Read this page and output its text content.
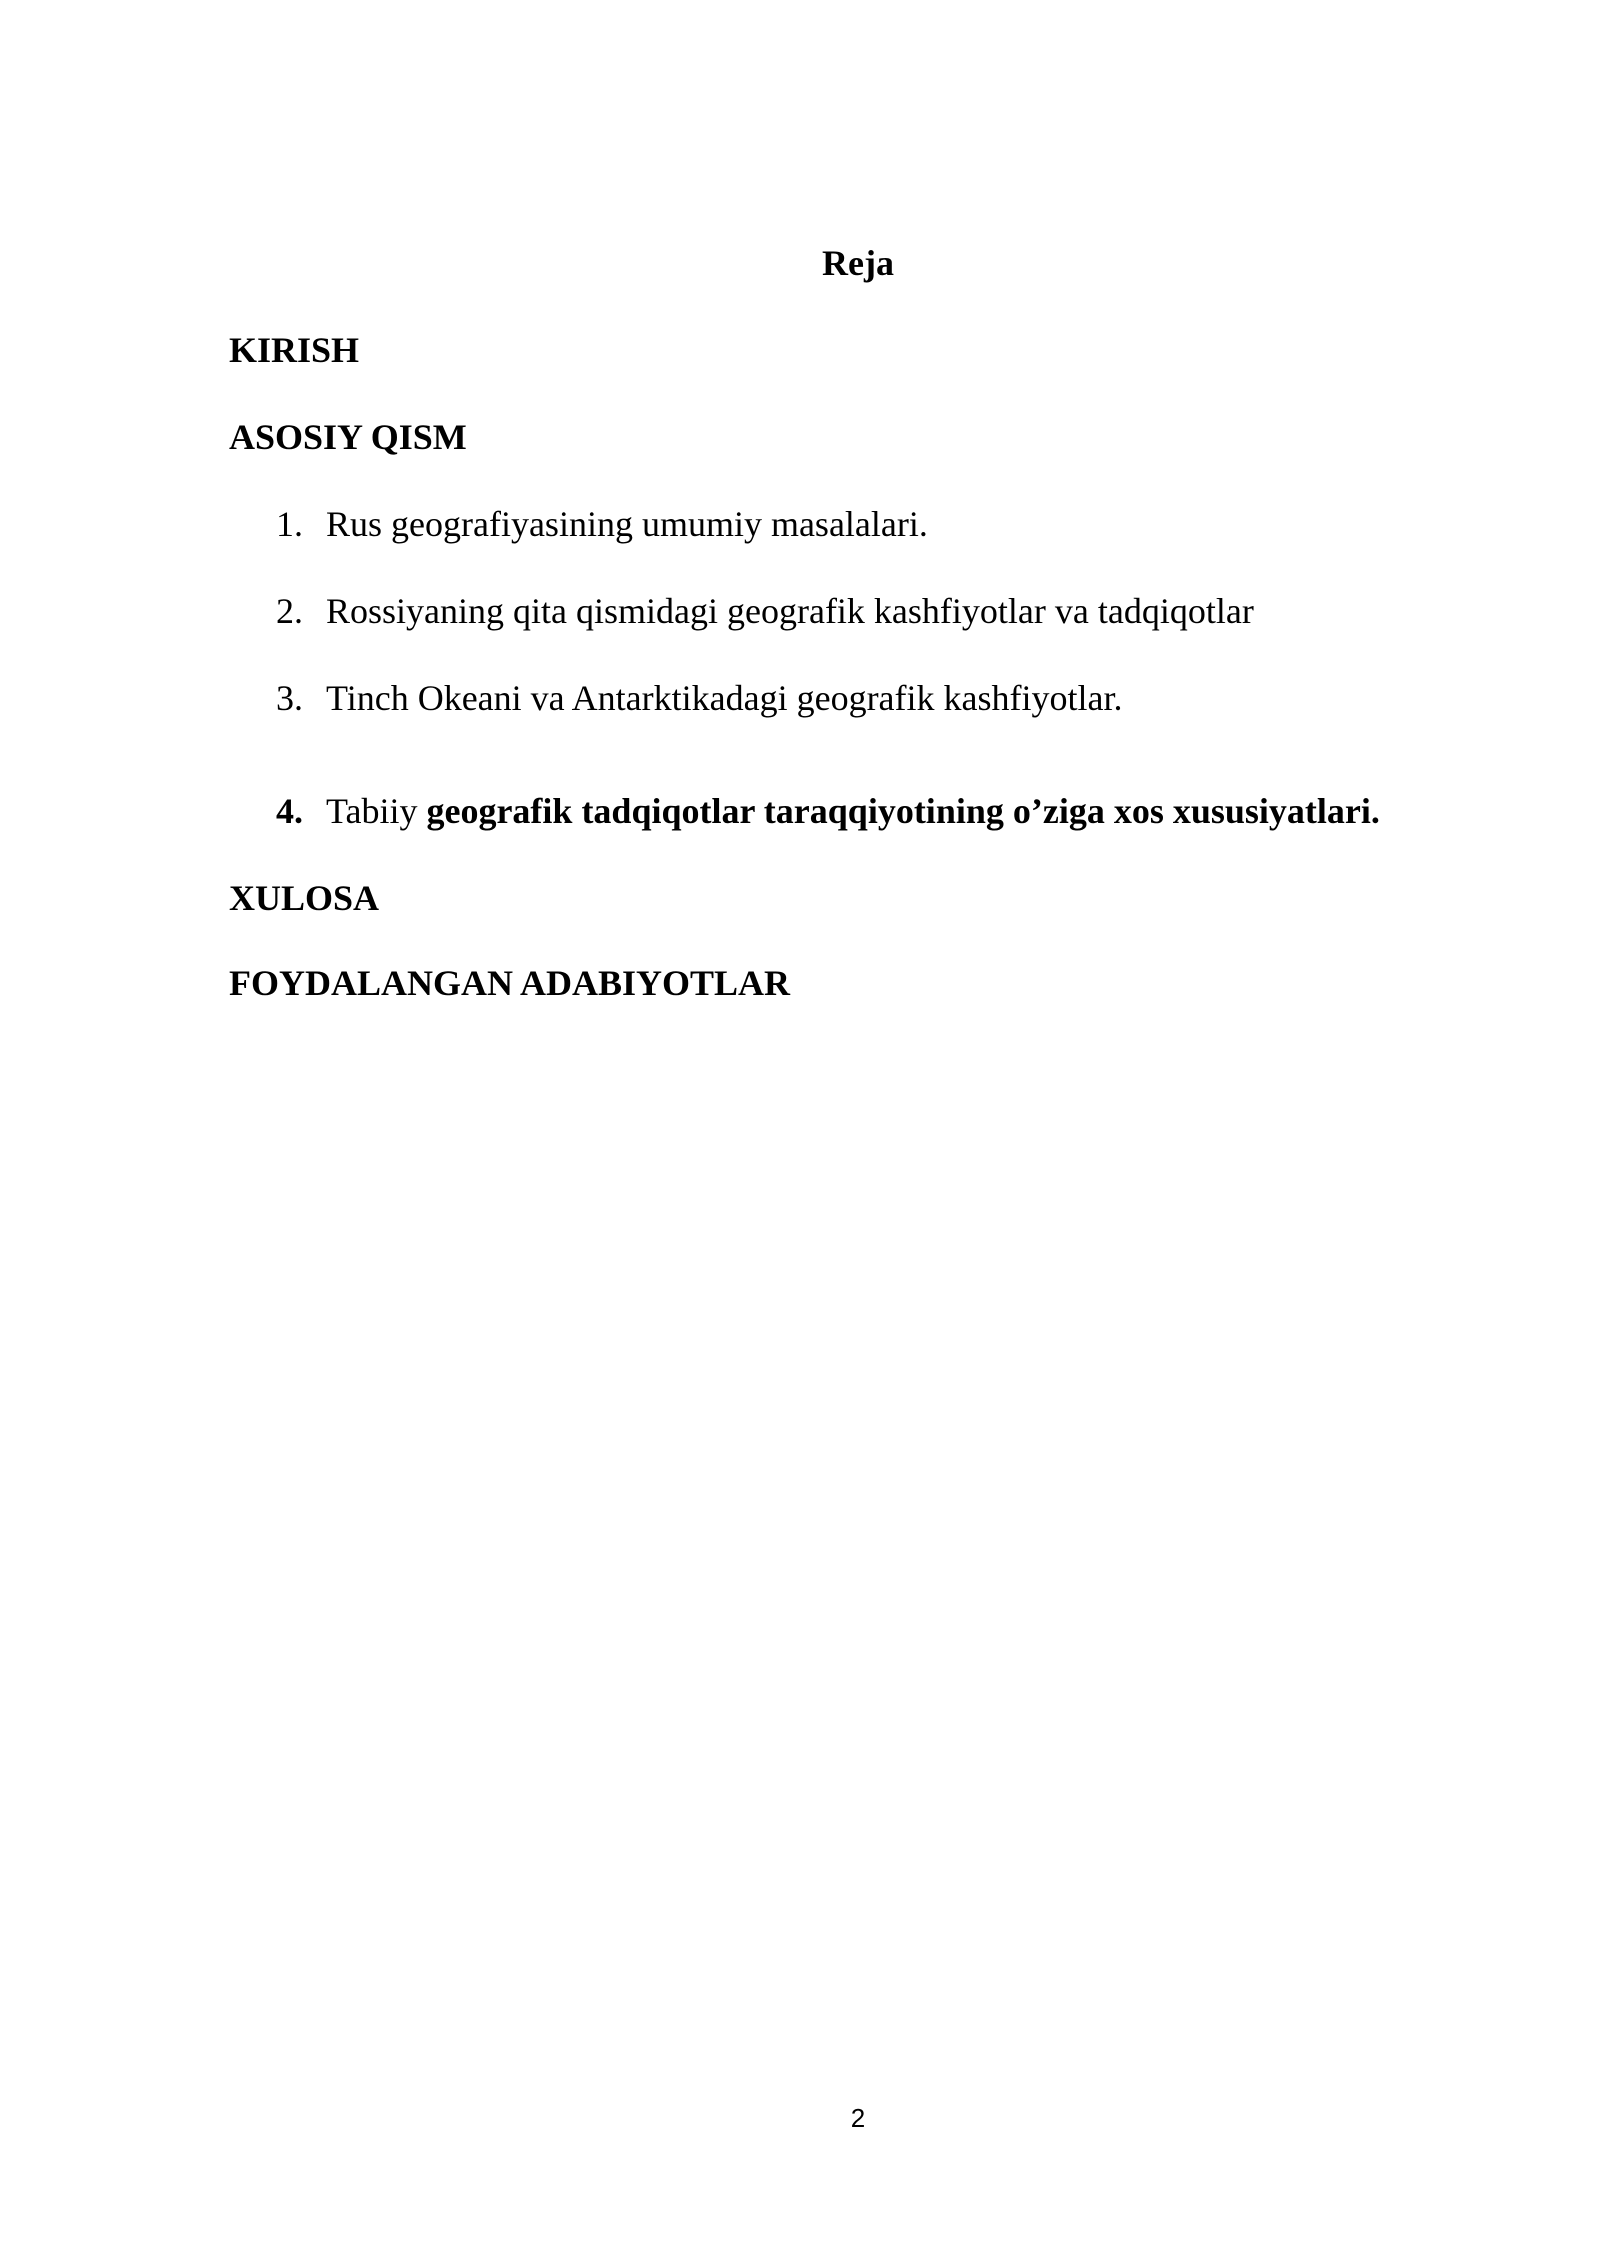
Reja
KIRISH
ASOSIY QISM
1. Rus geografiyasining umumiy masalalari.
2. Rossiyaning qita qismidagi geografik kashfiyotlar va tadqiqotlar
3. Tinch Okeani va Antarktikadagi geografik kashfiyotlar.
4. Tabiiy geografik tadqiqotlar taraqqiyotining o’ziga xos xususiyatlari.
XULOSA
FOYDALANGAN ADABIYOTLAR
2
